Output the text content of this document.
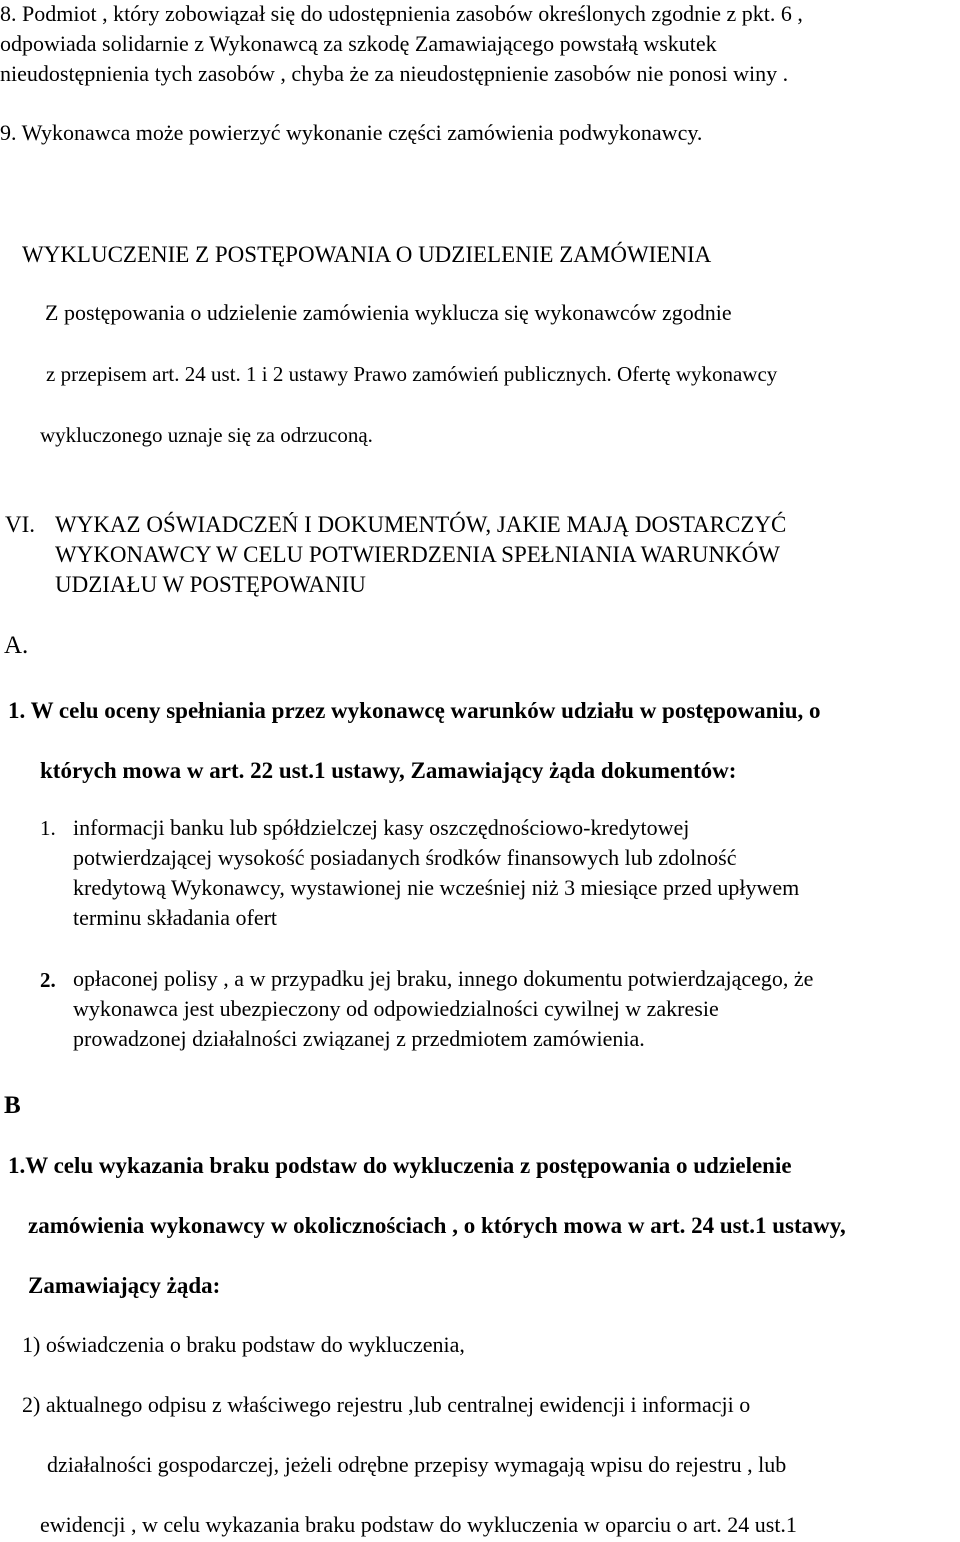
8. Podmiot , który zobowiązał się do udostępnienia zasobów określonych zgodnie z pkt. 6 ,
odpowiada solidarnie z Wykonawcą za szkodę Zamawiającego powstałą wskutek
nieudostępnienia tych zasobów , chyba że za nieudostępnienie zasobów nie ponosi winy .
9. Wykonawca może powierzyć wykonanie części zamówienia podwykonawcy.
WYKLUCZENIE Z POSTĘPOWANIA O UDZIELENIE ZAMÓWIENIA
Z postępowania o udzielenie zamówienia wyklucza się wykonawców zgodnie
z przepisem art. 24 ust. 1 i 2 ustawy Prawo zamówień publicznych. Ofertę wykonawcy
wykluczonego uznaje się za odrzuconą.
VI. WYKAZ OŚWIADCZEŃ I DOKUMENTÓW, JAKIE MAJĄ DOSTARCZYĆ
WYKONAWCY W CELU POTWIERDZENIA SPEŁNIANIA WARUNKÓW
UDZIAŁU W POSTĘPOWANIU
A.
1. W celu oceny spełniania przez wykonawcę warunków udziału w postępowaniu, o
których mowa w art. 22 ust.1 ustawy, Zamawiający żąda dokumentów:
1. informacji banku lub spółdzielczej kasy oszczędnościowo-kredytowej
potwierdzającej wysokość posiadanych środków finansowych lub zdolność
kredytową Wykonawcy, wystawionej nie wcześniej niż 3 miesiące przed upływem
terminu składania ofert
2. opłaconej polisy , a w przypadku jej braku, innego dokumentu potwierdzającego, że
wykonawca jest ubezpieczony od odpowiedzialności cywilnej w zakresie
prowadzonej działalności związanej z przedmiotem zamówienia.
B
1.W celu wykazania braku podstaw do wykluczenia z postępowania o udzielenie
zamówienia wykonawcy w okolicznościach , o których mowa w art. 24 ust.1 ustawy,
Zamawiający żąda:
1) oświadczenia o braku podstaw do wykluczenia,
2) aktualnego odpisu z właściwego rejestru ,lub centralnej ewidencji i informacji o
działalności gospodarczej, jeżeli odrębne przepisy wymagają wpisu do rejestru , lub
ewidencji , w celu wykazania braku podstaw do wykluczenia w oparciu o art. 24 ust.1
